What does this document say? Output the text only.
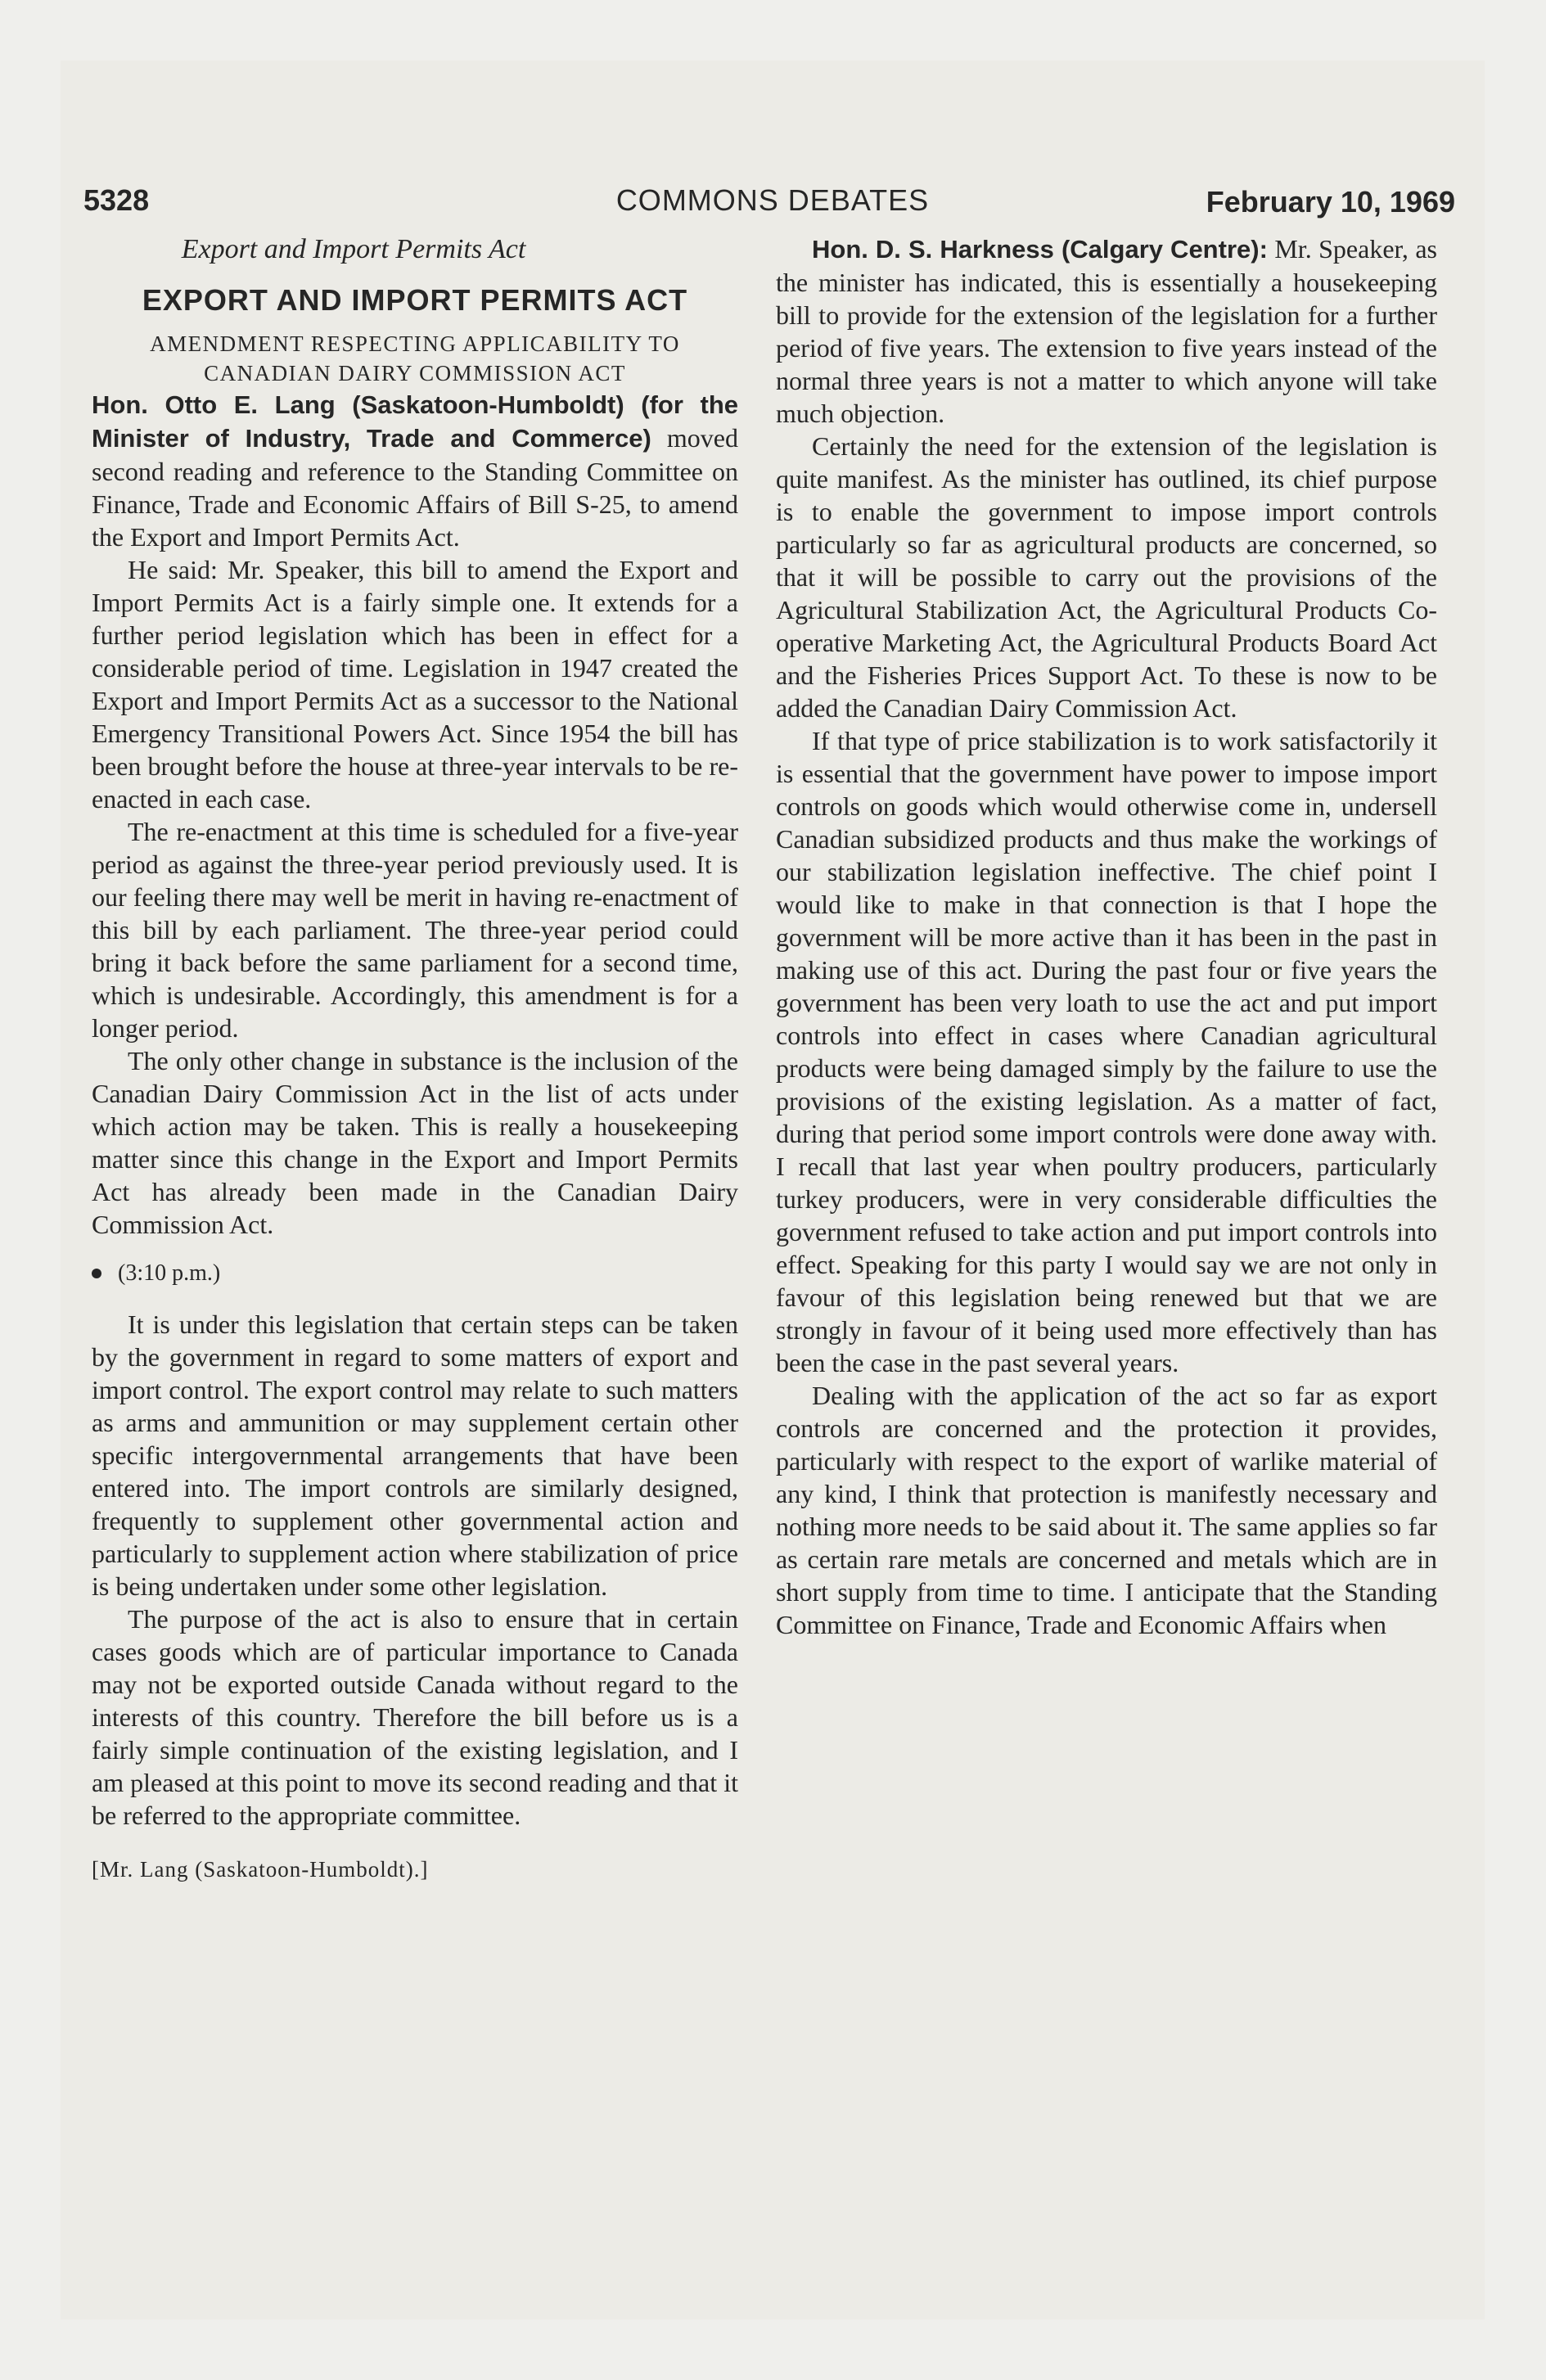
5328	COMMONS DEBATES	February 10, 1969
Export and Import Permits Act
EXPORT AND IMPORT PERMITS ACT
AMENDMENT RESPECTING APPLICABILITY TO CANADIAN DAIRY COMMISSION ACT

Hon. Otto E. Lang (Saskatoon-Humboldt) (for the Minister of Industry, Trade and Commerce) moved second reading and reference to the Standing Committee on Finance, Trade and Economic Affairs of Bill S-25, to amend the Export and Import Permits Act.

He said: Mr. Speaker, this bill to amend the Export and Import Permits Act is a fairly simple one. It extends for a further period legislation which has been in effect for a considerable period of time. Legislation in 1947 created the Export and Import Permits Act as a successor to the National Emergency Transitional Powers Act. Since 1954 the bill has been brought before the house at three-year intervals to be re-enacted in each case.

The re-enactment at this time is scheduled for a five-year period as against the three-year period previously used. It is our feeling there may well be merit in having re-enactment of this bill by each parliament. The three-year period could bring it back before the same parliament for a second time, which is undesirable. Accordingly, this amendment is for a longer period.

The only other change in substance is the inclusion of the Canadian Dairy Commission Act in the list of acts under which action may be taken. This is really a housekeeping matter since this change in the Export and Import Permits Act has already been made in the Canadian Dairy Commission Act.

(3:10 p.m.)

It is under this legislation that certain steps can be taken by the government in regard to some matters of export and import control. The export control may relate to such matters as arms and ammunition or may supplement certain other specific intergovernmental arrangements that have been entered into. The import controls are similarly designed, frequently to supplement other governmental action and particularly to supplement action where stabilization of price is being undertaken under some other legislation.

The purpose of the act is also to ensure that in certain cases goods which are of particular importance to Canada may not be exported outside Canada without regard to the interests of this country. Therefore the bill before us is a fairly simple continuation of the existing legislation, and I am pleased at this point to move its second reading and that it be referred to the appropriate committee.

[Mr. Lang (Saskatoon-Humboldt).]

Hon. D. S. Harkness (Calgary Centre): Mr. Speaker, as the minister has indicated, this is essentially a housekeeping bill to provide for the extension of the legislation for a further period of five years. The extension to five years instead of the normal three years is not a matter to which anyone will take much objection.

Certainly the need for the extension of the legislation is quite manifest. As the minister has outlined, its chief purpose is to enable the government to impose import controls particularly so far as agricultural products are concerned, so that it will be possible to carry out the provisions of the Agricultural Stabilization Act, the Agricultural Products Co-operative Marketing Act, the Agricultural Products Board Act and the Fisheries Prices Support Act. To these is now to be added the Canadian Dairy Commission Act.

If that type of price stabilization is to work satisfactorily it is essential that the government have power to impose import controls on goods which would otherwise come in, undersell Canadian subsidized products and thus make the workings of our stabilization legislation ineffective. The chief point I would like to make in that connection is that I hope the government will be more active than it has been in the past in making use of this act. During the past four or five years the government has been very loath to use the act and put import controls into effect in cases where Canadian agricultural products were being damaged simply by the failure to use the provisions of the existing legislation. As a matter of fact, during that period some import controls were done away with. I recall that last year when poultry producers, particularly turkey producers, were in very considerable difficulties the government refused to take action and put import controls into effect. Speaking for this party I would say we are not only in favour of this legislation being renewed but that we are strongly in favour of it being used more effectively than has been the case in the past several years.

Dealing with the application of the act so far as export controls are concerned and the protection it provides, particularly with respect to the export of warlike material of any kind, I think that protection is manifestly necessary and nothing more needs to be said about it. The same applies so far as certain rare metals are concerned and metals which are in short supply from time to time. I anticipate that the Standing Committee on Finance, Trade and Economic Affairs when
